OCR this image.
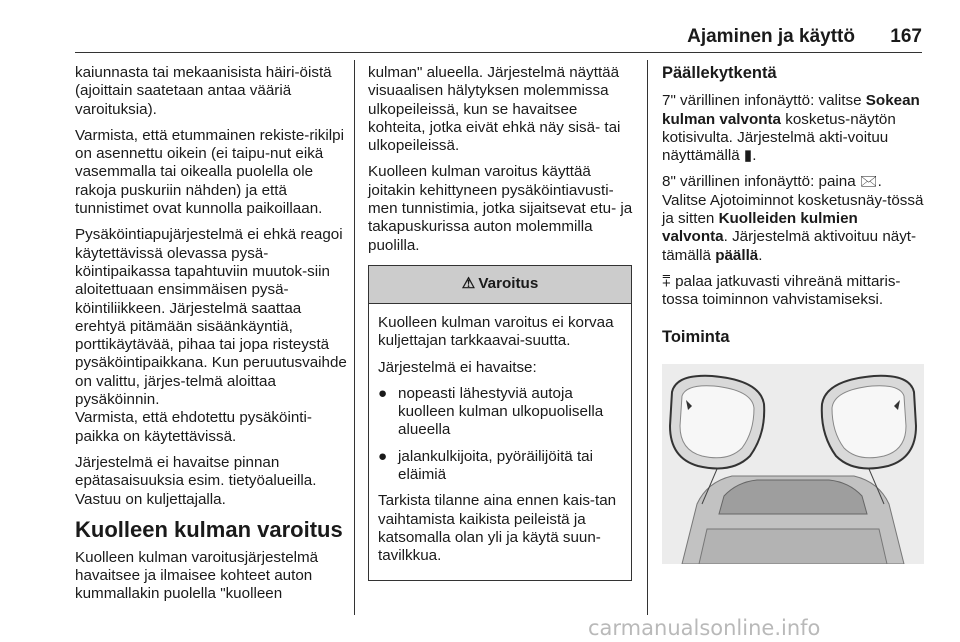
Ajaminen ja käyttö 167

kaiunnasta tai mekaanisista häiri-öistä (ajoittain saatetaan antaa vääriä varoituksia).

Varmista, että etummainen rekiste-rikilpi on asennettu oikein (ei taipu-nut eikä vasemmalla tai oikealla puolella ole rakoja puskuriin nähden) ja että tunnistimet ovat kunnolla paikoillaan.

Pysäköintiapujärjestelmä ei ehkä reagoi käytettävissä olevassa pysä-köintipaikassa tapahtuviin muutok-siin aloitettuaan ensimmäisen pysä-köintiliikkeen. Järjestelmä saattaa erehtyä pitämään sisäänkäyntiä, porttikäytävää, pihaa tai jopa risteystä pysäköintipaikkana. Kun peruutusvaihde on valittu, järjes-telmä aloittaa pysäköinnin.

Varmista, että ehdotettu pysäköinti-paikka on käytettävissä.

Järjestelmä ei havaitse pinnan epätasaisuuksia esim. tietyöalueilla. Vastuu on kuljettajalla.

Kuolleen kulman varoitus

Kuolleen kulman varoitusjärjestelmä havaitsee ja ilmaisee kohteet auton kummallakin puolella "kuolleen

kulman" alueella. Järjestelmä näyttää visuaalisen hälytyksen molemmissa ulkopeileissä, kun se havaitsee kohteita, jotka eivät ehkä näy sisä- tai ulkopeileissä.

Kuolleen kulman varoitus käyttää joitakin kehittyneen pysäköintiavusti-men tunnistimia, jotka sijaitsevat etu- ja takapuskurissa auton molemmilla puolilla.

⚠ Varoitus

Kuolleen kulman varoitus ei korvaa kuljettajan tarkkaavai-suutta.

Järjestelmä ei havaitse:

● nopeasti lähestyviä autoja kuolleen kulman ulkopuolisella alueella
● jalankulkijoita, pyöräilijöitä tai eläimiä

Tarkista tilanne aina ennen kais-tan vaihtamista kaikista peileistä ja katsomalla olan yli ja käytä suun-tavilkkua.

Päällekytkentä

7" värillinen infonäyttö: valitse Sokean kulman valvonta kosketus-näytön kotisivulta. Järjestelmä akti-voituu näyttämällä ▮.

8" värillinen infonäyttö: paina 🖂. Valitse Ajotoiminnot kosketusnäy-tössä ja sitten Kuolleiden kulmien valvonta. Järjestelmä aktivoituu näyt-tämällä päällä.

⩱ palaa jatkuvasti vihreänä mittaris-tossa toiminnon vahvistamiseksi.

Toiminta
carmanualsonline.info
